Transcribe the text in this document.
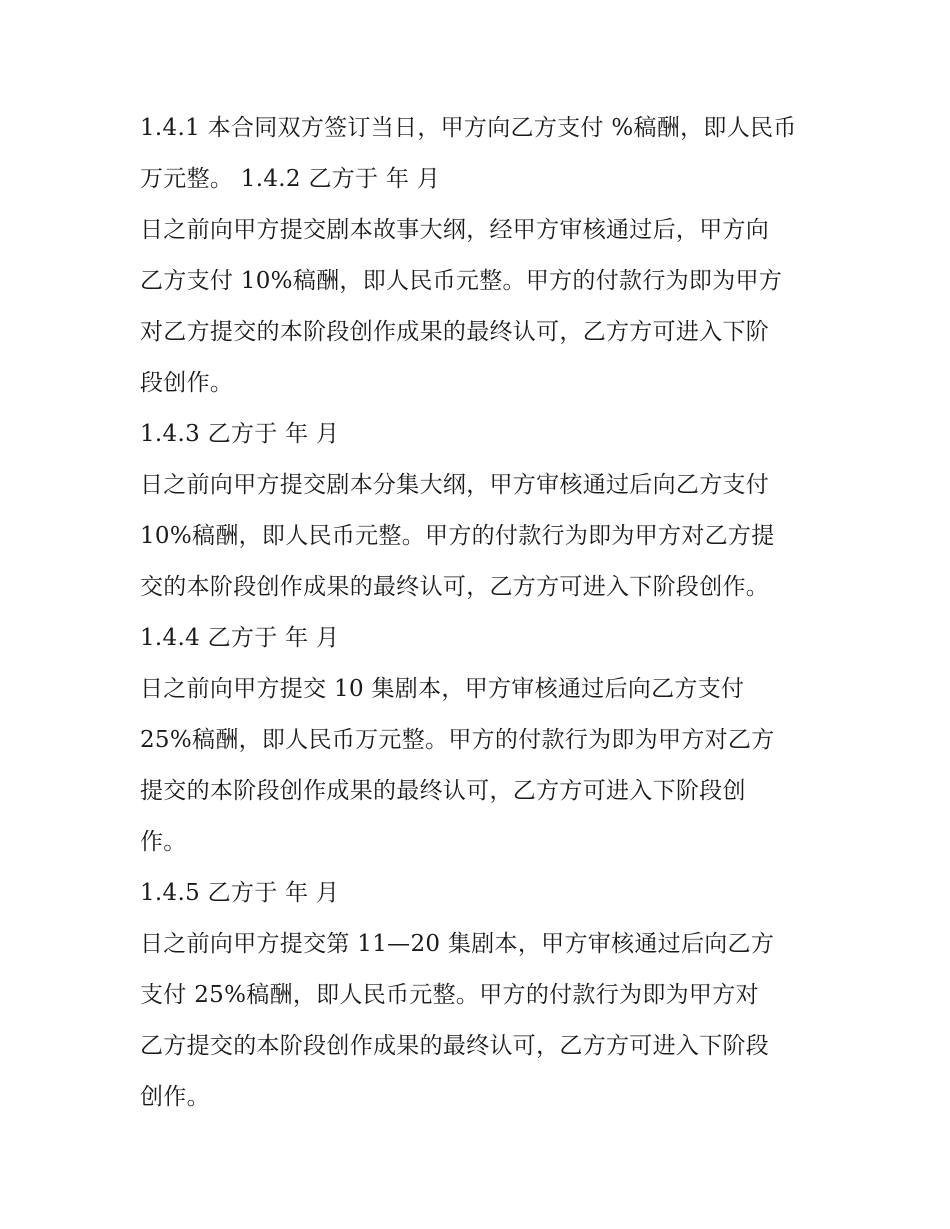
1.4.1 本合同双方签订当日，甲方向乙方支付 %稿酬，即人民币
万元整。 1.4.2 乙方于 年 月
日之前向甲方提交剧本故事大纲，经甲方审核通过后，甲方向
乙方支付 10%稿酬，即人民币元整。甲方的付款行为即为甲方
对乙方提交的本阶段创作成果的最终认可，乙方方可进入下阶
段创作。
1.4.3 乙方于 年 月
日之前向甲方提交剧本分集大纲，甲方审核通过后向乙方支付
10%稿酬，即人民币元整。甲方的付款行为即为甲方对乙方提
交的本阶段创作成果的最终认可，乙方方可进入下阶段创作。
1.4.4 乙方于 年 月
日之前向甲方提交 10 集剧本，甲方审核通过后向乙方支付
25%稿酬，即人民币万元整。甲方的付款行为即为甲方对乙方
提交的本阶段创作成果的最终认可，乙方方可进入下阶段创
作。
1.4.5 乙方于 年 月
日之前向甲方提交第 11—20 集剧本，甲方审核通过后向乙方
支付 25%稿酬，即人民币元整。甲方的付款行为即为甲方对
乙方提交的本阶段创作成果的最终认可，乙方方可进入下阶段
创作。
